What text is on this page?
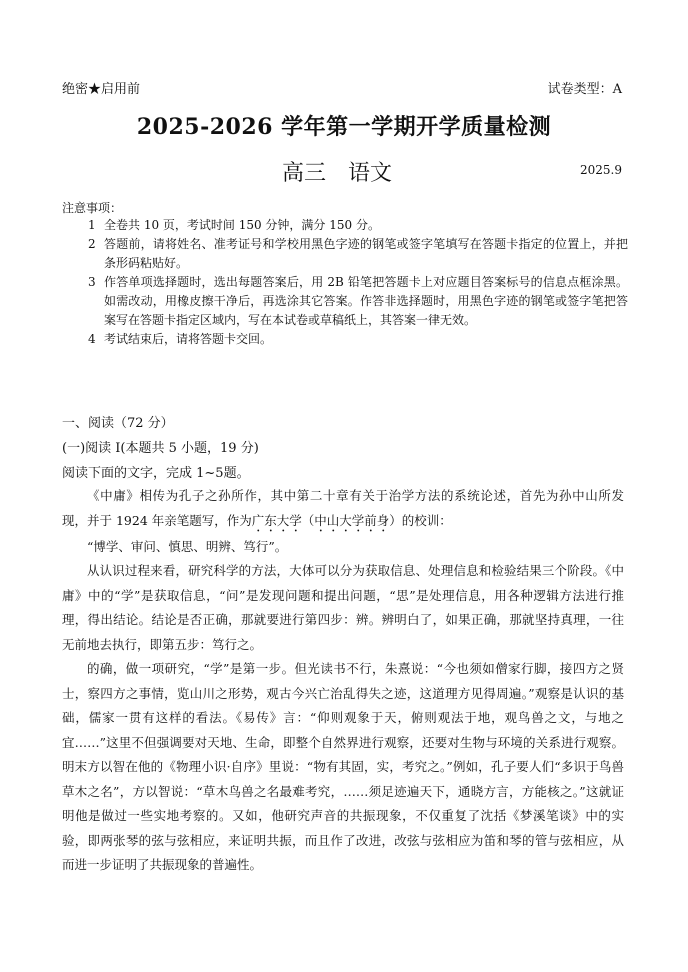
绝密★启用前	试卷类型：A
2025-2026 学年第一学期开学质量检测
高三 语文	2025.9
注意事项：
1 全卷共 10 页，考试时间 150 分钟，满分 150 分。
2 答题前，请将姓名、准考证号和学校用黑色字迹的钢笔或签字笔填写在答题卡指定的位置上，并把条形码粘贴好。
3 作答单项选择题时，选出每题答案后，用 2B 铅笔把答题卡上对应题目答案标号的信息点框涂黑。如需改动，用橡皮擦干净后，再选涂其它答案。作答非选择题时，用黑色字迹的钢笔或签字笔把答案写在答题卡指定区域内，写在本试卷或草稿纸上，其答案一律无效。
4 考试结束后，请将答题卡交回。
一、阅读（72 分）
(一)阅读 I(本题共 5 小题，19 分)
阅读下面的文字，完成 1~5题。

《中庸》相传为孔子之孙所作，其中第二十章有关于治学方法的系统论述，首先为孙中山所发现，并于 1924 年亲笔题写，作为广东大学（中山大学前身）的校训：

“博学、审问、慎思、明辨、笃行”。

从认识过程来看，研究科学的方法，大体可以分为获取信息、处理信息和检验结果三个阶段。《中庸》中的“学”是获取信息，“问”是发现问题和提出问题，“思”是处理信息，用各种逻辑方法进行推理，得出结论。结论是否正确，那就要进行第四步：辨。辨明白了，如果正确，那就坚持真理，一往无前地去执行，即第五步：笃行之。

的确，做一项研究，“学”是第一步。但光读书不行，朱熹说：“今也须如僧家行脚，接四方之贤士，察四方之事情，览山川之形势，观古今兴亡治乱得失之迹，这道理方见得周遍。”观察是认识的基础，儒家一贯有这样的看法。《易传》言：“仰则观象于天，俯则观法于地，观鸟兽之文，与地之宜……”这里不但强调要对天地、生命，即整个自然界进行观察，还要对生物与环境的关系进行观察。明末方以智在他的《物理小识·自序》里说：“物有其固，实，考究之。”例如，孔子要人们“多识于鸟兽草木之名”，方以智说：“草木鸟兽之名最难考究，……须足迹遍天下，通晓方言，方能核之。”这就证明他是做过一些实地考察的。又如，他研究声音的共振现象，不仅重复了沈括《梦溪笔谈》中的实验，即两张琴的弦与弦相应，来证明共振，而且作了改进，改弦与弦相应为笛和琴的管与弦相应，从而进一步证明了共振现象的普遍性。
